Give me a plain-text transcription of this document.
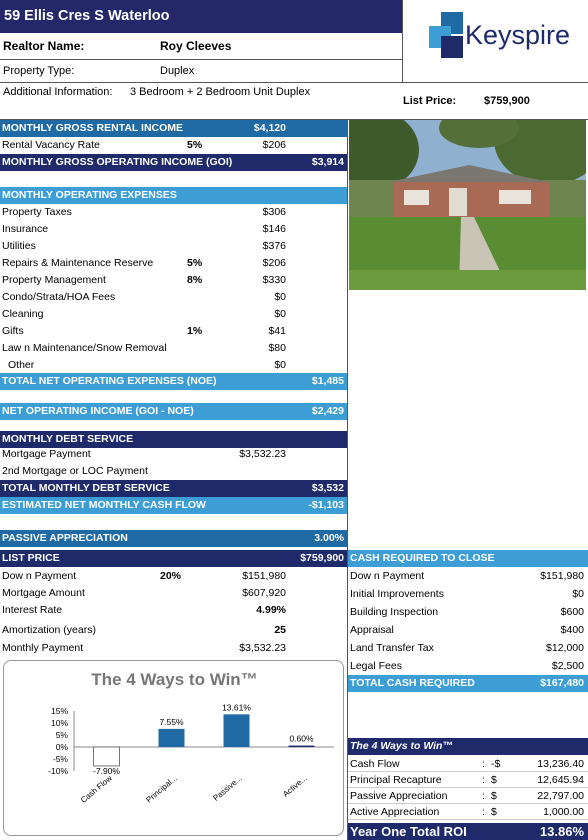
59 Ellis Cres S Waterloo
Keyspire
Realtor Name:	Roy Cleeves
Property Type:	Duplex
Additional Information: 3 Bedroom + 2 Bedroom Unit Duplex
List Price:	$759,900
MONTHLY GROSS RENTAL INCOME	$4,120
Rental Vacancy Rate	5%	$206
MONTHLY GROSS OPERATING INCOME (GOI)	$3,914
MONTHLY OPERATING EXPENSES
Property Taxes	$306
Insurance	$146
Utilities	$376
Repairs & Maintenance Reserve	5%	$206
Property Management	8%	$330
Condo/Strata/HOA Fees	$0
Cleaning	$0
Gifts	1%	$41
Law n Maintenance/Snow Removal	$80
Other	$0
TOTAL NET OPERATING EXPENSES (NOE)	$1,485
NET OPERATING INCOME (GOI - NOE)	$2,429
MONTHLY DEBT SERVICE
Mortgage Payment	$3,532.23
2nd Mortgage or LOC Payment
TOTAL MONTHLY DEBT SERVICE	$3,532
ESTIMATED NET MONTHLY CASH FLOW	-$1,103
PASSIVE APPRECIATION	3.00%
LIST PRICE	$759,900
Dow n Payment	20%	$151,980
Mortgage Amount	$607,920
Interest Rate	4.99%
Amortization (years)	25
Monthly Payment	$3,532.23
The 4 Ways to Win™
15%
10%
5%
0%
-5%
-10%	-7.90%
Cash Flow
7.55%
Principal...
13.61%
Passive...
0.60%
Active...
CASH REQUIRED TO CLOSE
Dow n Payment	$151,980
Initial Improvements	$0
Building Inspection	$600
Appraisal	$400
Land Transfer Tax	$12,000
Legal Fees	$2,500
TOTAL CASH REQUIRED	$167,480
The 4 Ways to Win™
Cash Flow	: -$	13,236.40
Principal Recapture	: $	12,645.94
Passive Appreciation	: $	22,797.00
Active Appreciation	: $	1,000.00
Year One Total ROI	13.86%
